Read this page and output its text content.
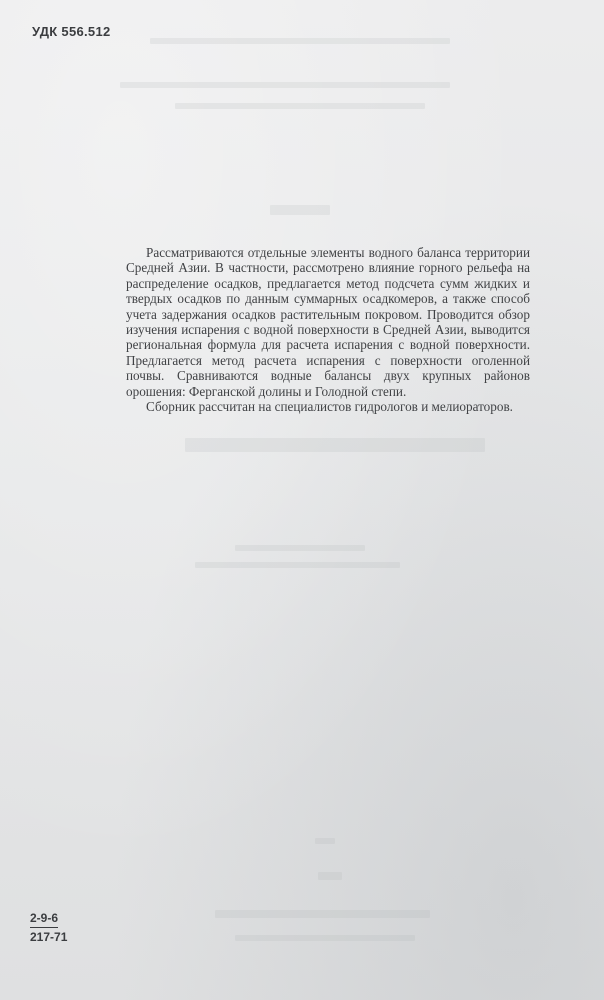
УДК 556.512

Рассматриваются отдельные элементы водного баланса территории Средней Азии. В частности, рассмотрено влияние горного рельефа на распределение осадков, предлагается метод подсчета сумм жидких и твердых осадков по данным суммарных осадкомеров, а также способ учета задержания осадков растительным покровом. Проводится обзор изучения испарения с водной поверхности в Средней Азии, выводится региональная формула для расчета испарения с водной поверхности. Предлагается метод расчета испарения с поверхности оголенной почвы. Сравниваются водные балансы двух крупных районов орошения: Ферганской долины и Голодной степи.

Сборник рассчитан на специалистов гидрологов и мелиораторов.

$\frac{2-9-6}{217-71}$
